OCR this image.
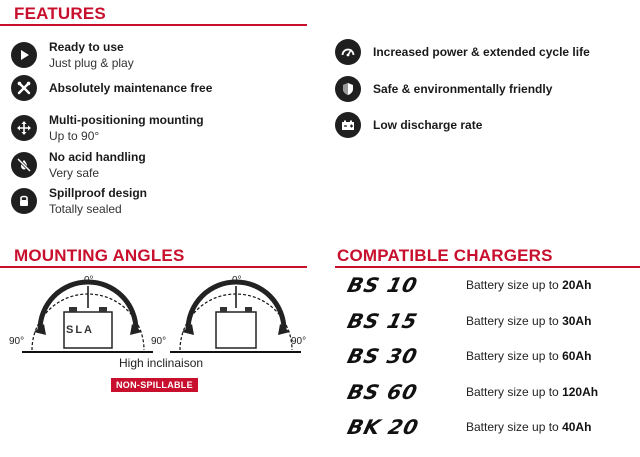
FEATURES
Ready to use
Just plug & play
Absolutely maintenance free
Multi-positioning mounting
Up to 90°
No acid handling
Very safe
Spillproof design
Totally sealed
Increased power & extended cycle life
Safe & environmentally friendly
Low discharge rate
MOUNTING ANGLES
0°
90°
SLA
0°
90°	90°
High inclinaison
NON-SPILLABLE
COMPATIBLE CHARGERS
BS 10	Battery size up to 20Ah
BS 15	Battery size up to 30Ah
BS 30	Battery size up to 60Ah
BS 60	Battery size up to 120Ah
BK 20	Battery size up to 40Ah
